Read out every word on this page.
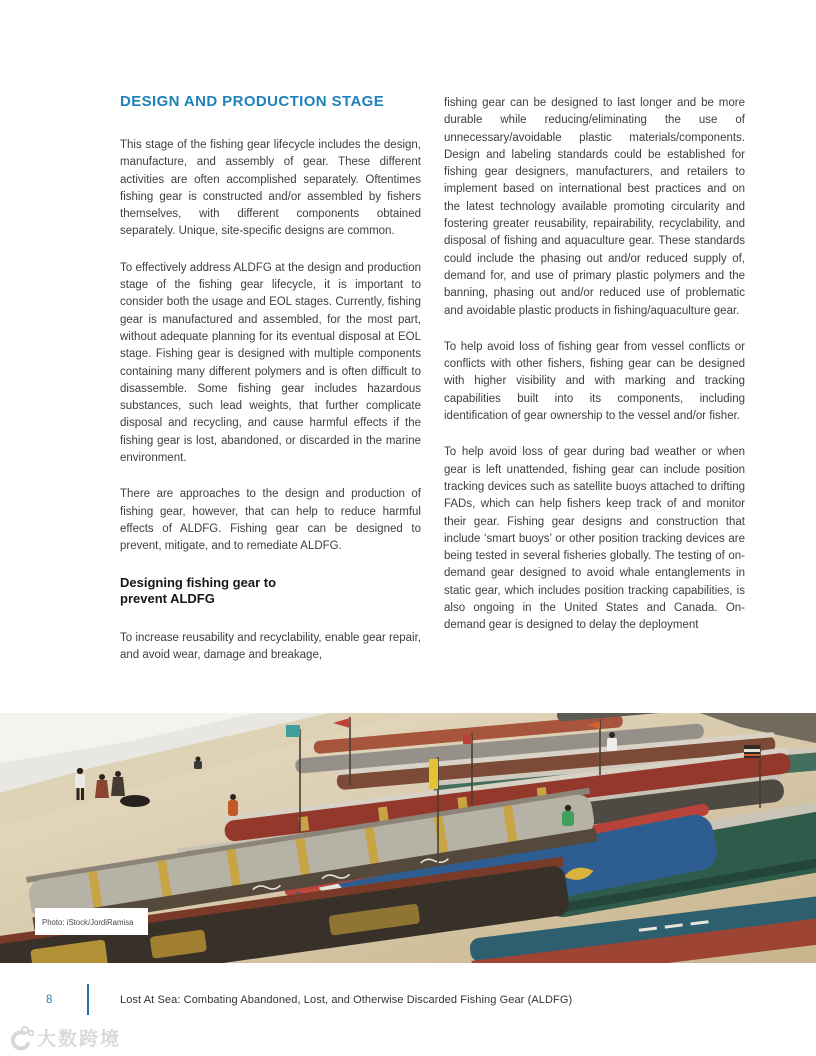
DESIGN AND PRODUCTION STAGE

This stage of the fishing gear lifecycle includes the design, manufacture, and assembly of gear. These different activities are often accomplished separately. Oftentimes fishing gear is constructed and/or assembled by fishers themselves, with different components obtained separately. Unique, site-specific designs are common.

To effectively address ALDFG at the design and production stage of the fishing gear lifecycle, it is important to consider both the usage and EOL stages. Currently, fishing gear is manufactured and assembled, for the most part, without adequate planning for its eventual disposal at EOL stage. Fishing gear is designed with multiple components containing many different polymers and is often difficult to disassemble. Some fishing gear includes hazardous substances, such lead weights, that further complicate disposal and recycling, and cause harmful effects if the fishing gear is lost, abandoned, or discarded in the marine environment.

There are approaches to the design and production of fishing gear, however, that can help to reduce harmful effects of ALDFG. Fishing gear can be designed to prevent, mitigate, and to remediate ALDFG.

Designing fishing gear to
prevent ALDFG

To increase reusability and recyclability, enable gear repair, and avoid wear, damage and breakage,

fishing gear can be designed to last longer and be more durable while reducing/eliminating the use of unnecessary/avoidable plastic materials/components. Design and labeling standards could be established for fishing gear designers, manufacturers, and retailers to implement based on international best practices and on the latest technology available promoting circularity and fostering greater reusability, repairability, recyclability, and disposal of fishing and aquaculture gear. These standards could include the phasing out and/or reduced supply of, demand for, and use of primary plastic polymers and the banning, phasing out and/or reduced use of problematic and avoidable plastic products in fishing/aquaculture gear.

To help avoid loss of fishing gear from vessel conflicts or conflicts with other fishers, fishing gear can be designed with higher visibility and with marking and tracking capabilities built into its components, including identification of gear ownership to the vessel and/or fisher.

To help avoid loss of gear during bad weather or when gear is left unattended, fishing gear can include position tracking devices such as satellite buoys attached to drifting FADs, which can help fishers keep track of and monitor their gear. Fishing gear designs and construction that include ‘smart buoys’ or other position tracking devices are being tested in several fisheries globally. The testing of on-demand gear designed to avoid whale entanglements in static gear, which includes position tracking capabilities, is also ongoing in the United States and Canada. On-demand gear is designed to delay the deployment

Photo: iStock/JordiRamisa
8	Lost At Sea: Combating Abandoned, Lost, and Otherwise Discarded Fishing Gear (ALDFG)
大数跨境
